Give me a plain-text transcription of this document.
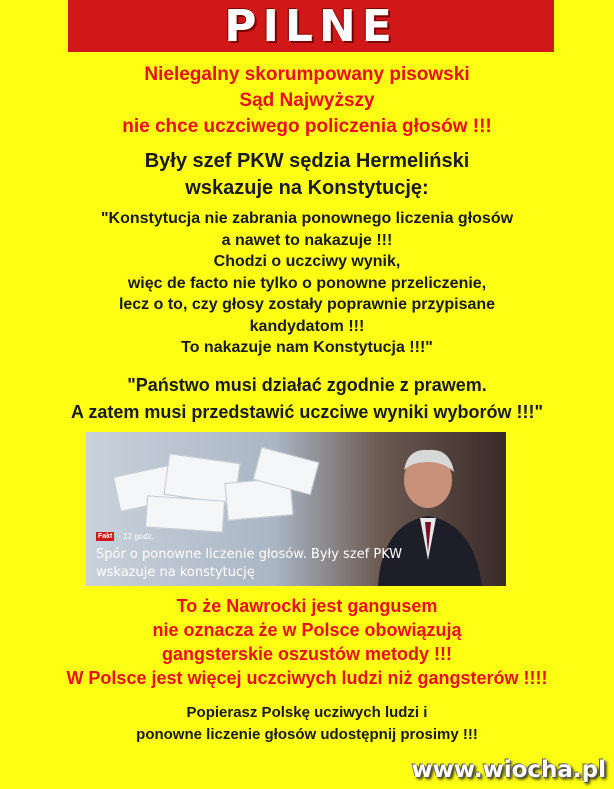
PILNE
Nielegalny skorumpowany pisowski
Sąd Najwyższy
nie chce uczciwego policzenia głosów !!!
Były szef PKW sędzia Hermeliński
wskazuje na Konstytucję:
"Konstytucja nie zabrania ponownego liczenia głosów
a nawet to nakazuje !!!
Chodzi o uczciwy wynik,
więc de facto nie tylko o ponowne przeliczenie,
lecz o to, czy głosy zostały poprawnie przypisane
kandydatom !!!
To nakazuje nam Konstytucja !!!"
"Państwo musi działać zgodnie z prawem.
A zatem musi przedstawić uczciwe wyniki wyborów !!!"
Fakt · 12 godz.
Spór o ponowne liczenie głosów. Były szef PKW
wskazuje na konstytucję
To że Nawrocki jest gangusem
nie oznacza że w Polsce obowiązują
gangsterskie oszustów metody !!!
W Polsce jest więcej uczciwych ludzi niż gangsterów !!!!
Popierasz Polskę ucziwych ludzi i
ponowne liczenie głosów udostępnij prosimy !!!
www.wiocha.pl
